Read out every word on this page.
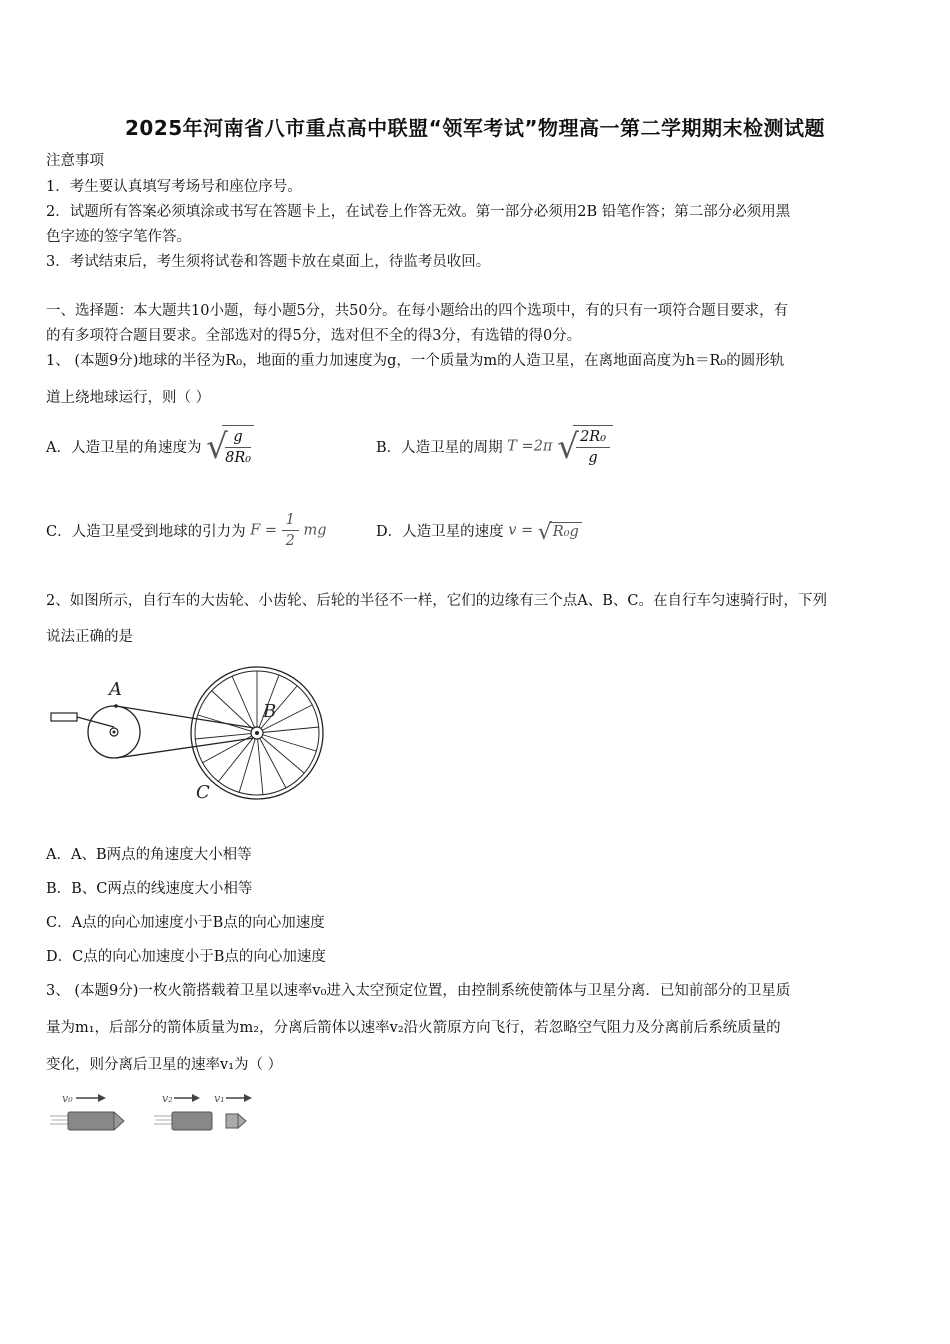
2025年河南省八市重点高中联盟“领军考试”物理高一第二学期期末检测试题
注意事项
1．考生要认真填写考场号和座位序号。
2．试题所有答案必须填涂或书写在答题卡上，在试卷上作答无效。第一部分必须用2B 铅笔作答；第二部分必须用黑
色字迹的签字笔作答。
3．考试结束后，考生须将试卷和答题卡放在桌面上，待监考员收回。
一、选择题：本大题共10小题，每小题5分，共50分。在每小题给出的四个选项中，有的只有一项符合题目要求，有
的有多项符合题目要求。全部选对的得5分，选对但不全的得3分，有选错的得0分。
1、 (本题9分)地球的半径为R₀，地面的重力加速度为g，一个质量为m的人造卫星，在离地面高度为h＝R₀的圆形轨
道上绕地球运行，则（ ）
A．人造卫星的角速度为 √
$\frac{g}{\text{8R₀}}$	B．人造卫星的周期 T =2π √
$\frac{\text{2R₀}}{g}$
C．人造卫星受到地球的引力为 $F = \frac{1}{2}$ mg	D．人造卫星的速度 v = √ R₀g
2、如图所示，自行车的大齿轮、小齿轮、后轮的半径不一样，它们的边缘有三个点A、B、C。在自行车匀速骑行时，下列
说法正确的是
A
B
C
A．A、B两点的角速度大小相等
B．B、C两点的线速度大小相等
C．A点的向心加速度小于B点的向心加速度
D．C点的向心加速度小于B点的向心加速度
3、 (本题9分)一枚火箭搭载着卫星以速率v₀进入太空预定位置，由控制系统使箭体与卫星分离．已知前部分的卫星质
量为m₁，后部分的箭体质量为m₂，分离后箭体以速率v₂沿火箭原方向飞行，若忽略空气阻力及分离前后系统质量的
变化，则分离后卫星的速率v₁为（ ）
v₀	v₂	v₁
